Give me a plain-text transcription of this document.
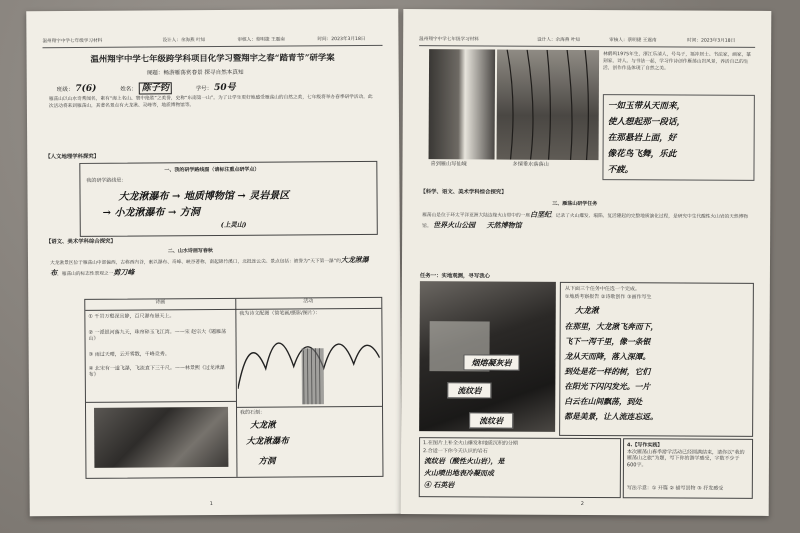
温州翔宇中学七年级学习材料	设计人：余海燕 叶知	审核人：蔡明捷 王震南	时间：2023年3月18日
温州翔宇中学七年级跨学科项目化学习暨翔宇之春“踏青节”研学案
课题：畅游雁荡赏春景 探寻自然本真知
班级： 7(6)	姓名： 陈子钧	学号： 50号
雁荡山以山水奇秀闻名，素有“海上名山、寰中绝胜”之美誉，史称“东南第一山”。为了让学生更好地感受雁荡山的自然之美，七年级将举办春季研学活动，此次活动将来到雁荡山，其著名景点有大龙湫、灵峰等，地质博物馆等。
【人文地理学科探究】
一、我的研学路线图（请标注重点研学点）
我的研学路线是：
大龙湫瀑布 → 地质博物馆 → 灵岩景区
→ 小龙湫瀑布 → 方洞
(上灵山)
【语文、美术学科综合探究】
二、山水诗画写春秋
大龙湫景区位于雁荡山中部偏西，古称西内谷，素以瀑布、奇峰、峡谷著称，南起锦竹溪口，北抵连云尖。景点包括：被誉为“天下第一瀑”的大龙湫瀑布，雁荡山的标志性景观之一剪刀峰
诗画	活动
① 千岩万壑深且静，百尺瀑布悬天上。
② 一派银河落九天，珠帘碎玉飞江湾。——宋 赵宗大《题雁荡山》
③ 雨过天晴，云开雾散，千峰竞秀。
④ 北宋有一道飞瀑，飞流直下三千尺。——林景熙《过龙湫瀑布》
我为诗文配图（简笔画/摄影/图片）：
我的石刻：
大龙湫
大龙湫瀑布
方洞
1
温州翔宇中学七年级学习材料	设计人：余海燕 叶知	审核人：蔡明捷 王震南	时间：2023年3月18日
喜到雁山写仙境	多情垂水落落山
林鹤鸣1975年生，浙江乐清人，号鸟子，福冲居士。书法家，画家，篆刻家，诗人。与书法一起，学习作诗创作雁荡山岩风景，养活自己的生活，创作作品体现了自然之美。
一如玉带从天而来，
使人想起那一段话，
在那悬岩上面，好
像花鸟飞舞，乐此
不疲。
【科学、语文、美术学科综合探究】
三、雁荡山研学任务
雁荡山是位于环太平洋亚洲大陆边缘火山带中的一座白垩纪，记录了火山爆发、塌陷、复活隆起的完整地质演化过程，是研究中生代酸性火山岩的天然博物馆。 世界火山公园 天然博物馆
任务一：实地观测，寻写我心
烟熔凝灰岩
流纹岩
流纹岩
从下面三个任务中任选一个完成。
①地质考察报告 ②诗歌创作 ③画作写生
大龙湫
在那里，大龙湫飞奔而下，
飞下一泻千里，像一条银
龙从天而降，落入深潭。
到处是花一样的树，它们
在阳光下闪闪发光。一片
白云在山间飘荡，到处
都是美景，让人流连忘返。
1.在图片上补全火山爆发和地质沉积的分期
2.合适一下你今天认识的岩石
流纹岩（酸性火山岩），是
火山喷出地表冷凝而成
④ 石英岩
4.【写作实践】
本次雁荡山春季游学活动已经圆满结束，请你以“我的雁荡山之旅”为题，写下你的游学感受，字数不少于600字。
写法示意：① 开篇 ② 描写景物 ③ 抒发感受
2
